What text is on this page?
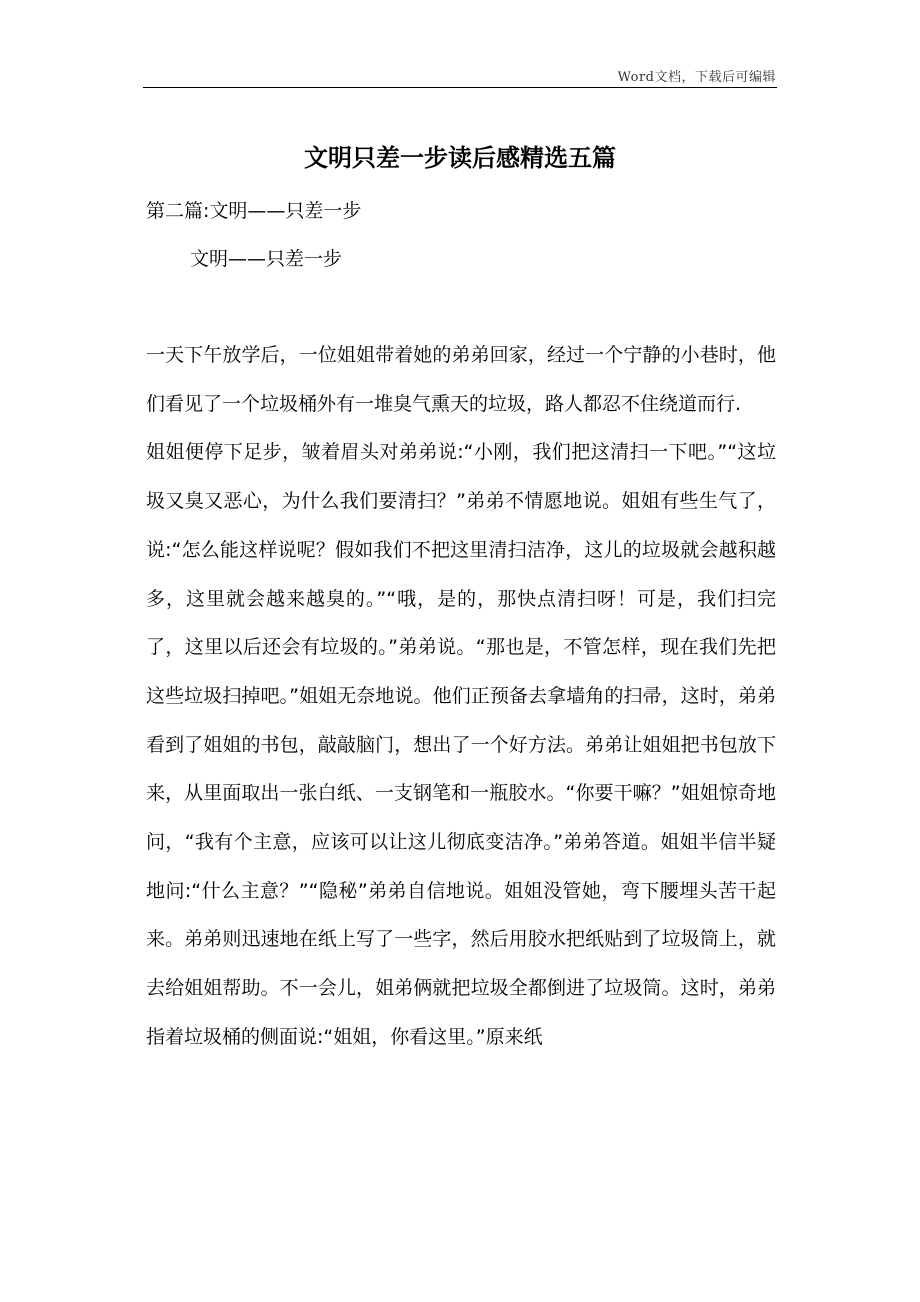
Word文档，下载后可编辑
文明只差一步读后感精选五篇
第二篇:文明——只差一步
文明——只差一步

一天下午放学后，一位姐姐带着她的弟弟回家，经过一个宁静的小巷时，他们看见了一个垃圾桶外有一堆臭气熏天的垃圾，路人都忍不住绕道而行.

姐姐便停下足步，皱着眉头对弟弟说:“小刚，我们把这清扫一下吧。”“这垃圾又臭又恶心，为什么我们要清扫？”弟弟不情愿地说。姐姐有些生气了，说:“怎么能这样说呢？假如我们不把这里清扫洁净，这儿的垃圾就会越积越多，这里就会越来越臭的。”“哦，是的，那快点清扫呀！可是，我们扫完了，这里以后还会有垃圾的。”弟弟说。“那也是，不管怎样，现在我们先把这些垃圾扫掉吧。”姐姐无奈地说。他们正预备去拿墙角的扫帚，这时，弟弟看到了姐姐的书包，敲敲脑门，想出了一个好方法。弟弟让姐姐把书包放下来，从里面取出一张白纸、一支钢笔和一瓶胶水。“你要干嘛？”姐姐惊奇地问，“我有个主意，应该可以让这儿彻底变洁净。”弟弟答道。姐姐半信半疑地问:“什么主意？”“隐秘”弟弟自信地说。姐姐没管她，弯下腰埋头苦干起来。弟弟则迅速地在纸上写了一些字，然后用胶水把纸贴到了垃圾筒上，就去给姐姐帮助。不一会儿，姐弟俩就把垃圾全都倒进了垃圾筒。这时，弟弟指着垃圾桶的侧面说:“姐姐，你看这里。”原来纸
